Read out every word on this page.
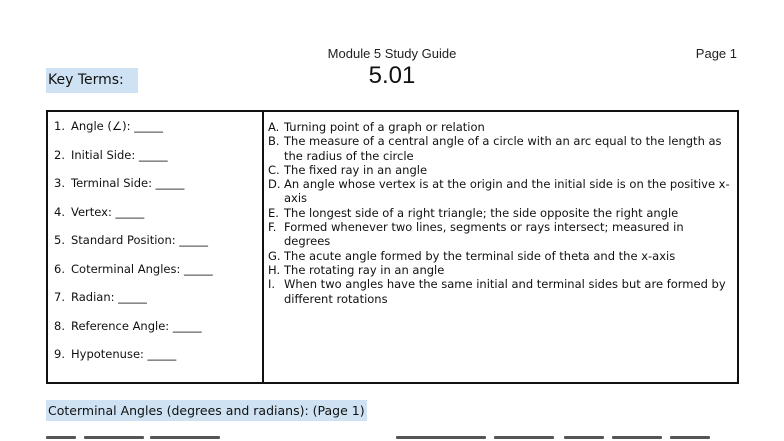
Module 5 Study Guide	Page 1
5.01
Key Terms:
1. Angle (∠): _____
2. Initial Side: _____
3. Terminal Side: _____
4. Vertex: _____
5. Standard Position: _____
6. Coterminal Angles: _____
7. Radian: _____
8. Reference Angle: _____
9. Hypotenuse: _____
A. Turning point of a graph or relation
B. The measure of a central angle of a circle with an arc equal to the length as the radius of the circle
C. The fixed ray in an angle
D. An angle whose vertex is at the origin and the initial side is on the positive x-axis
E. The longest side of a right triangle; the side opposite the right angle
F. Formed whenever two lines, segments or rays intersect; measured in degrees
G. The acute angle formed by the terminal side of theta and the x-axis
H. The rotating ray in an angle
I. When two angles have the same initial and terminal sides but are formed by different rotations
Coterminal Angles (degrees and radians): (Page 1)
